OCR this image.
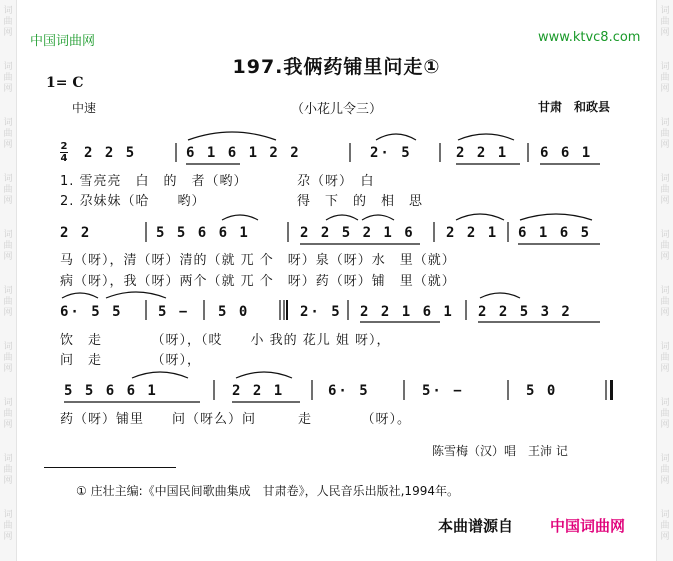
词
曲
网
词
曲
网
词
曲
网
词
曲
网
词
曲
网
词
曲
网
词
曲
网
词
曲
网
词
曲
网
词
曲
网
词
曲
网
词
曲
网
词
曲
网
词
曲
网
词
曲
网
词
曲
网
词
曲
网
词
曲
网
词
曲
网
词
曲
网
中国词曲网	www.ktvc8.com
197.我俩药铺里问走①
1= C
中速	（小花儿令三）	甘肃　和政县
2
4 2 2 5	6 1 6 1 2 2	2· 5	2 2 1 6 6 1
1. 雪亮亮　白　的　者（哟）　　　　尕（呀）　白
2. 尕妹妹（哈　　哟）　　　　　　　得　下　的　相　思
2 2	5 5 6 6 1	2 2 5 2 1 6 2 2 1 6 1 6 5
马（呀），清（呀）清的（就 兀 个　呀）泉（呀）水　里（就）
病（呀），我（呀）两个（就 兀 个　呀）药（呀）铺　里（就）
6· 5 5	5 − 5 0	2· 5 2 2 1 6 1 2 2 5 3 2
饮　走　　　　（呀），（哎　　小 我的 花儿 姐 呀），
问　走　　　　（呀），
5 5 6 6 1	2 2 1	6· 5	5· −	5 0
药（呀）铺里　　问（呀么）问　　　走　　　　（呀）。
陈雪梅（汉）唱　王沛 记
① 庄壮主编:《中国民间歌曲集成　甘肃卷》，人民音乐出版社,1994年。
本曲谱源自 中国词曲网
